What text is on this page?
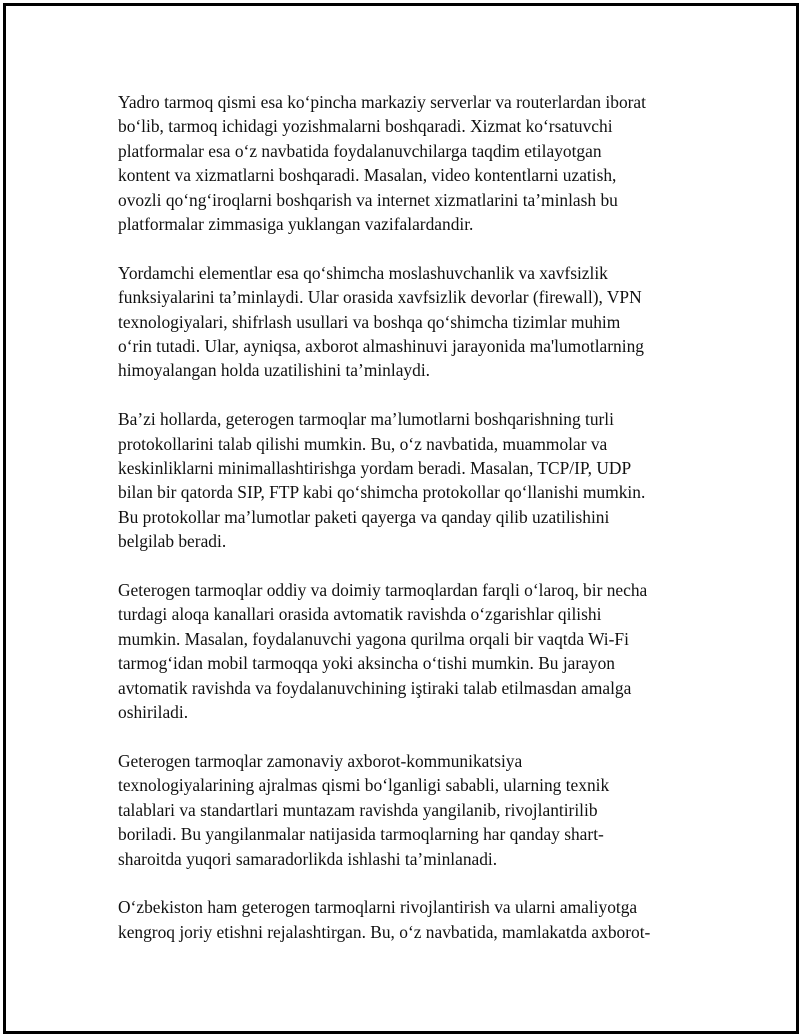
Yadro tarmoq qismi esa koʻpincha markaziy serverlar va routerlardan iborat
boʻlib, tarmoq ichidagi yozishmalarni boshqaradi. Xizmat koʻrsatuvchi
platformalar esa oʻz navbatida foydalanuvchilarga taqdim etilayotgan
kontent va xizmatlarni boshqaradi. Masalan, video kontentlarni uzatish,
ovozli qoʻngʻiroqlarni boshqarish va internet xizmatlarini taʼminlash bu
platformalar zimmasiga yuklangan vazifalardandir.

Yordamchi elementlar esa qoʻshimcha moslashuvchanlik va xavfsizlik
funksiyalarini taʼminlaydi. Ular orasida xavfsizlik devorlar (firewall), VPN
texnologiyalari, shifrlash usullari va boshqa qoʻshimcha tizimlar muhim
oʻrin tutadi. Ular, ayniqsa, axborot almashinuvi jarayonida ma'lumotlarning
himoyalangan holda uzatilishini taʼminlaydi.

Baʼzi hollarda, geterogen tarmoqlar maʼlumotlarni boshqarishning turli
protokollarini talab qilishi mumkin. Bu, oʻz navbatida, muammolar va
keskinliklarni minimallashtirishga yordam beradi. Masalan, TCP/IP, UDP
bilan bir qatorda SIP, FTP kabi qoʻshimcha protokollar qoʻllanishi mumkin.
Bu protokollar maʼlumotlar paketi qayerga va qanday qilib uzatilishini
belgilab beradi.

Geterogen tarmoqlar oddiy va doimiy tarmoqlardan farqli oʻlaroq, bir necha
turdagi aloqa kanallari orasida avtomatik ravishda oʻzgarishlar qilishi
mumkin. Masalan, foydalanuvchi yagona qurilma orqali bir vaqtda Wi-Fi
tarmogʻidan mobil tarmoqqa yoki aksincha oʻtishi mumkin. Bu jarayon
avtomatik ravishda va foydalanuvchining iştiraki talab etilmasdan amalga
oshiriladi.

Geterogen tarmoqlar zamonaviy axborot-kommunikatsiya
texnologiyalarining ajralmas qismi boʻlganligi sababli, ularning texnik
talablari va standartlari muntazam ravishda yangilanib, rivojlantirilib
boriladi. Bu yangilanmalar natijasida tarmoqlarning har qanday shart-
sharoitda yuqori samaradorlikda ishlashi taʼminlanadi.

Oʻzbekiston ham geterogen tarmoqlarni rivojlantirish va ularni amaliyotga
kengroq joriy etishni rejalashtirgan. Bu, oʻz navbatida, mamlakatda axborot-
